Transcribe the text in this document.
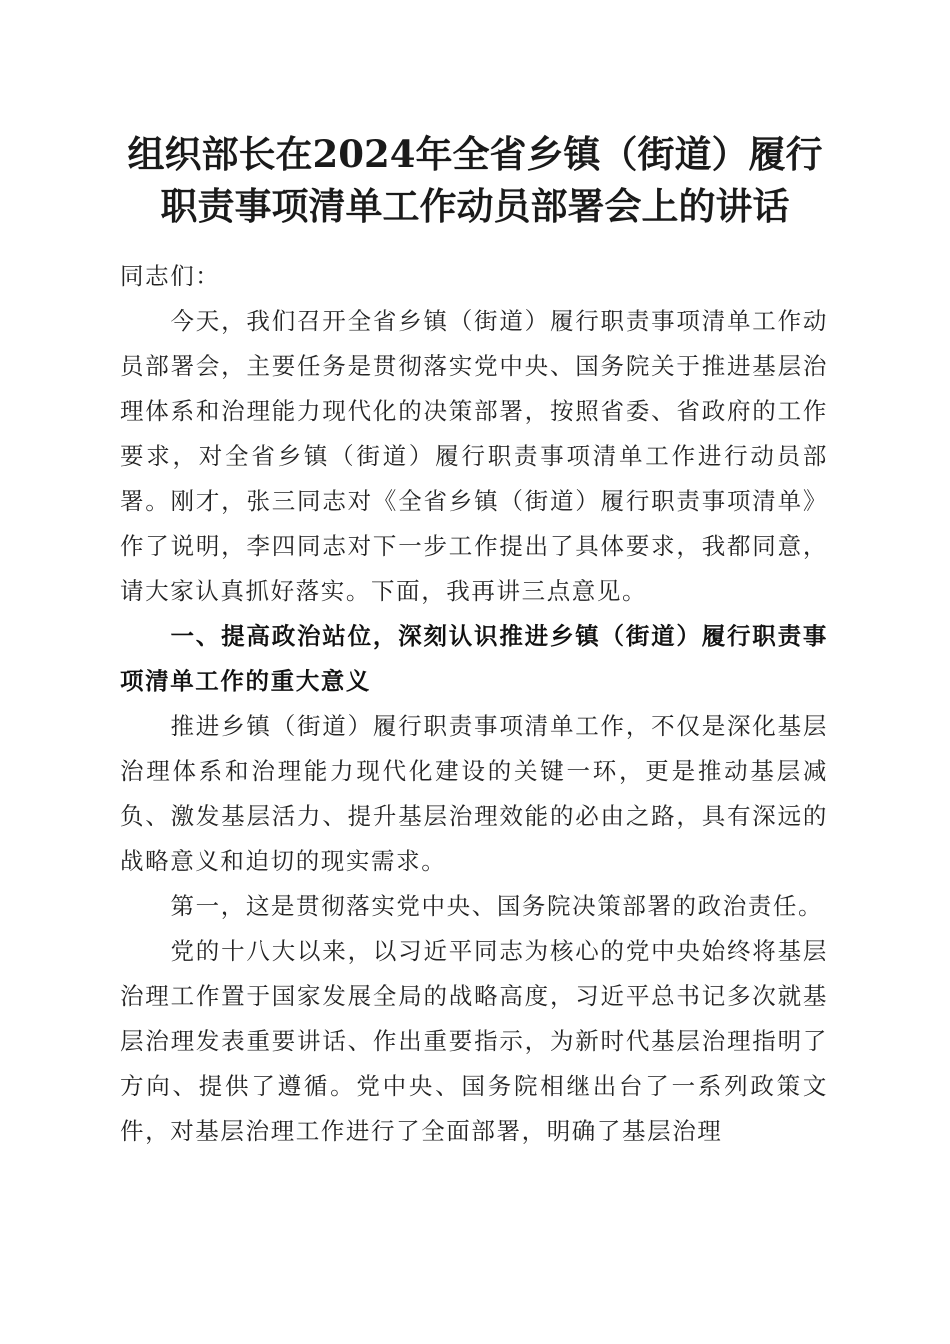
组织部长在2024年全省乡镇（街道）履行职责事项清单工作动员部署会上的讲话

同志们：

今天，我们召开全省乡镇（街道）履行职责事项清单工作动员部署会，主要任务是贯彻落实党中央、国务院关于推进基层治理体系和治理能力现代化的决策部署，按照省委、省政府的工作要求，对全省乡镇（街道）履行职责事项清单工作进行动员部署。刚才，张三同志对《全省乡镇（街道）履行职责事项清单》作了说明，李四同志对下一步工作提出了具体要求，我都同意，请大家认真抓好落实。下面，我再讲三点意见。

一、提高政治站位，深刻认识推进乡镇（街道）履行职责事项清单工作的重大意义

推进乡镇（街道）履行职责事项清单工作，不仅是深化基层治理体系和治理能力现代化建设的关键一环，更是推动基层减负、激发基层活力、提升基层治理效能的必由之路，具有深远的战略意义和迫切的现实需求。

第一，这是贯彻落实党中央、国务院决策部署的政治责任。

党的十八大以来，以习近平同志为核心的党中央始终将基层治理工作置于国家发展全局的战略高度，习近平总书记多次就基层治理发表重要讲话、作出重要指示，为新时代基层治理指明了方向、提供了遵循。党中央、国务院相继出台了一系列政策文件，对基层治理工作进行了全面部署，明确了基层治理
